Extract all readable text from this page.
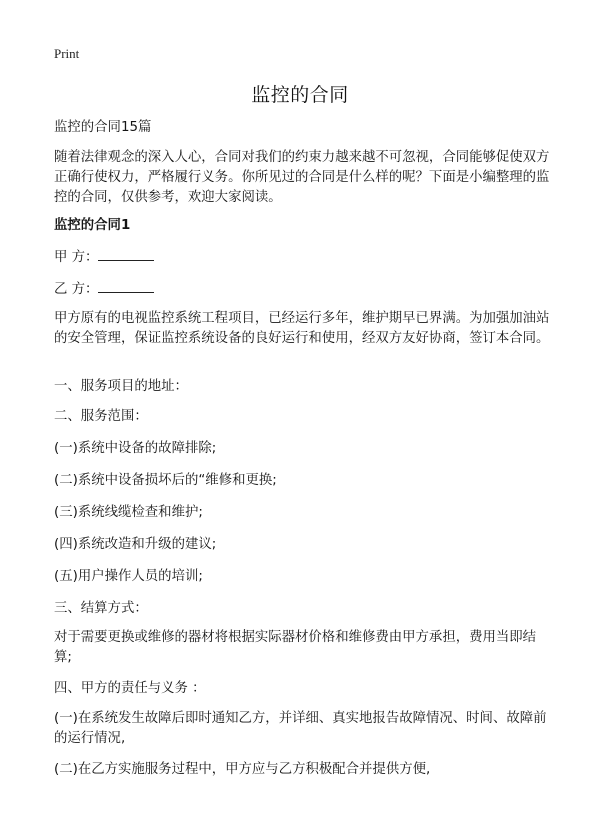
Print
监控的合同
监控的合同15篇
随着法律观念的深入人心，合同对我们的约束力越来越不可忽视，合同能够促使双方正确行使权力，严格履行义务。你所见过的合同是什么样的呢？下面是小编整理的监控的合同，仅供参考，欢迎大家阅读。
监控的合同1
甲 方：
乙 方：
甲方原有的电视监控系统工程项目，已经运行多年，维护期早已界满。为加强加油站的安全管理，保证监控系统设备的良好运行和使用，经双方友好协商，签订本合同。
一、服务项目的地址：
二、服务范围：
(一)系统中设备的故障排除;
(二)系统中设备损坏后的“维修和更换;
(三)系统线缆检查和维护;
(四)系统改造和升级的建议;
(五)用户操作人员的培训;
三、结算方式：
对于需要更换或维修的器材将根据实际器材价格和维修费由甲方承担，费用当即结算;
四、甲方的责任与义务 ：
(一)在系统发生故障后即时通知乙方，并详细、真实地报告故障情况、时间、故障前的运行情况,
(二)在乙方实施服务过程中，甲方应与乙方积极配合并提供方便,
